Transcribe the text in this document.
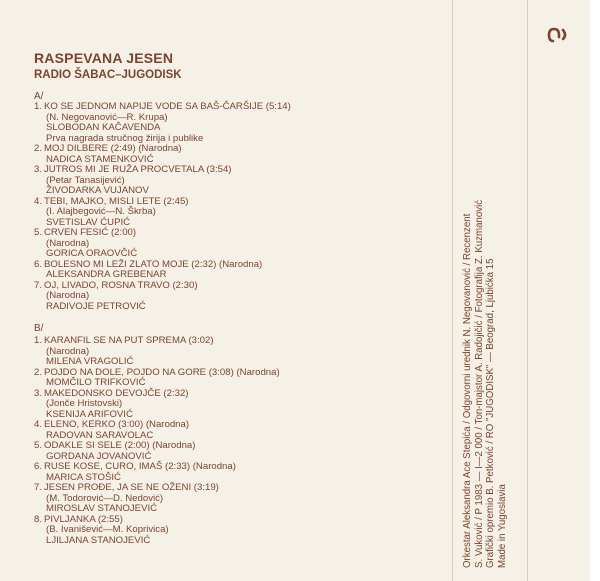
RASPEVANA JESEN
RADIO ŠABAC–JUGODISK
A/
1. KO SE JEDNOM NAPIJE VODE SA BAŠ-ČARŠIJE (5:14)
(N. Negovanović—R. Krupa)
SLOBODAN KAČAVENDA
Prva nagrada stručnog žirija i publike
2. MOJ DILBERE (2:49) (Narodna)
NADICA STAMENKOVIĆ
3. JUTROS MI JE RUŽA PROCVETALA (3:54)
(Petar Tanasijević)
ŽIVODARKA VUJANOV
4. TEBI, MAJKO, MISLI LETE (2:45)
(I. Alajbegović—N. Škrba)
SVETISLAV ĆUPIĆ
5. CRVEN FESIĆ (2:00)
(Narodna)
GORICA ORAOVČIĆ
6. BOLESNO MI LEŽI ZLATO MOJE (2:32) (Narodna)
ALEKSANDRA GREBENAR
7. OJ, LIVADO, ROSNA TRAVO (2:30)
(Narodna)
RADIVOJE PETROVIĆ
B/
1. KARANFIL SE NA PUT SPREMA (3:02)
(Narodna)
MILENA VRAGOLIĆ
2. POJDO NA DOLE, POJDO NA GORE (3:08) (Narodna)
MOMČILO TRIFKOVIĆ
3. MAKEDONSKO DEVOJČE (2:32)
(Jonče Hristovski)
KSENIJA ARIFOVIĆ
4. ELENO, KERKO (3:00) (Narodna)
RADOVAN SARAVOLAC
5. ODAKLE SI SELE (2:00) (Narodna)
GORDANA JOVANOVIĆ
6. RUSE KOSE, CURO, IMAŠ (2:33) (Narodna)
MARICA STOŠIĆ
7. JESEN PROĐE, JA SE NE OŽENI (3:19)
(M. Todorović—D. Nedović)
MIROSLAV STANOJEVIĆ
8. PIVLJANKA (2:55)
(B. Ivanišević—M. Koprivica)
LJILJANA STANOJEVIĆ	Orkestar Aleksandra Ace Stepića / Odgovorni urednik N. Negovanović / Recenzent S. Vuković / P 1983 — I—2 000 / Ton-majstor A. Radojičić / Fotografija Z. Kuzmanović Grafički opremio B. Petković / RO "JUGODISK" — Beograd, Ljubićka 15 Made in Yugoslavia
